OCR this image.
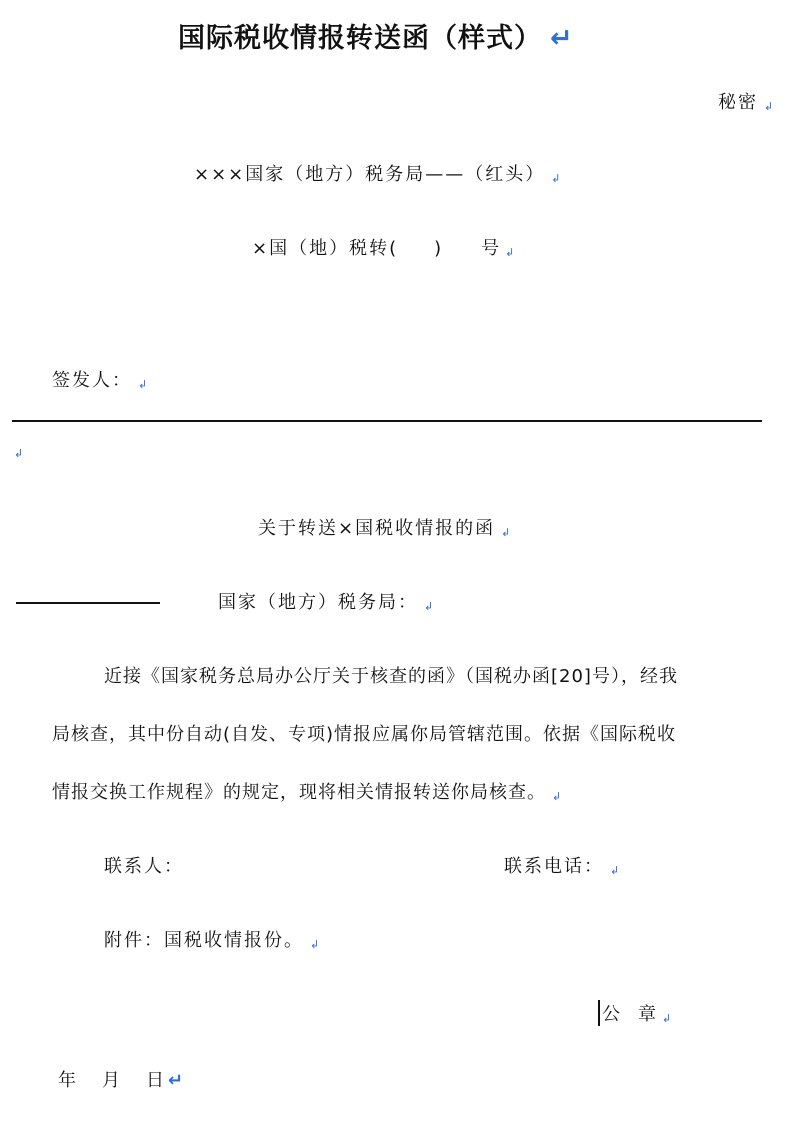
国际税收情报转送函（样式） ↵
秘密 ↲
×××国家（地方）税务局——（红头） ↲
×国（地）税转( ) 号 ↲
签发人： ↲
↲
关于转送×国税收情报的函 ↲
国家（地方）税务局： ↲
近接《国家税务总局办公厅关于核查的函》（国税办函[20]号），经我
局核查，其中份自动(自发、专项)情报应属你局管辖范围。依据《国际税收
情报交换工作规程》的规定，现将相关情报转送你局核查。 ↲
联系人：	联系电话： ↲
附件：国税收情报份。 ↲
公　章 ↲
年 月 日 ↵
